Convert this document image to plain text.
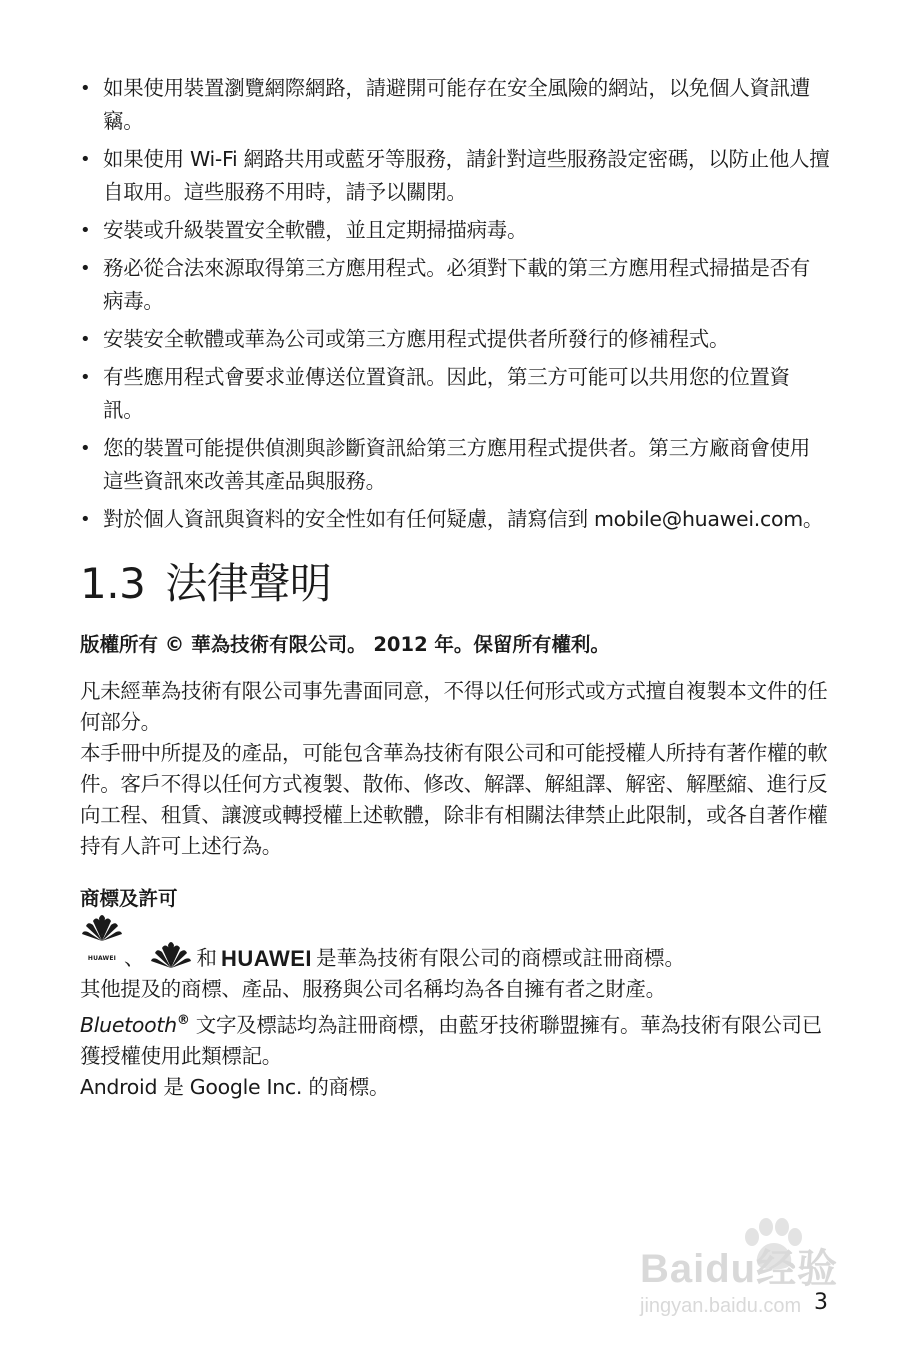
• 如果使用裝置瀏覽網際網路，請避開可能存在安全風險的網站，以免個人資訊遭竊。
• 如果使用 Wi-Fi 網路共用或藍牙等服務，請針對這些服務設定密碼，以防止他人擅自取用。這些服務不用時，請予以關閉。
• 安裝或升級裝置安全軟體，並且定期掃描病毒。
• 務必從合法來源取得第三方應用程式。必須對下載的第三方應用程式掃描是否有病毒。
• 安裝安全軟體或華為公司或第三方應用程式提供者所發行的修補程式。
• 有些應用程式會要求並傳送位置資訊。因此，第三方可能可以共用您的位置資訊。
• 您的裝置可能提供偵測與診斷資訊給第三方應用程式提供者。第三方廠商會使用這些資訊來改善其產品與服務。
• 對於個人資訊與資料的安全性如有任何疑慮，請寫信到 mobile@huawei.com。
1.3 法律聲明
版權所有 © 華為技術有限公司。 2012 年。保留所有權利。
凡未經華為技術有限公司事先書面同意，不得以任何形式或方式擅自複製本文件的任何部分。
本手冊中所提及的產品，可能包含華為技術有限公司和可能授權人所持有著作權的軟件。客戶不得以任何方式複製、散佈、修改、解譯、解組譯、解密、解壓縮、進行反向工程、租賃、讓渡或轉授權上述軟體，除非有相關法律禁止此限制，或各自著作權持有人許可上述行為。
商標及許可
HUAWEI 、	和 HUAWEI 是華為技術有限公司的商標或註冊商標。
其他提及的商標、產品、服務與公司名稱均為各自擁有者之財產。
Bluetooth® 文字及標誌均為註冊商標，由藍牙技術聯盟擁有。華為技術有限公司已獲授權使用此類標記。
Android 是 Google Inc. 的商標。
Baidu经验
jingyan.baidu.com 3
